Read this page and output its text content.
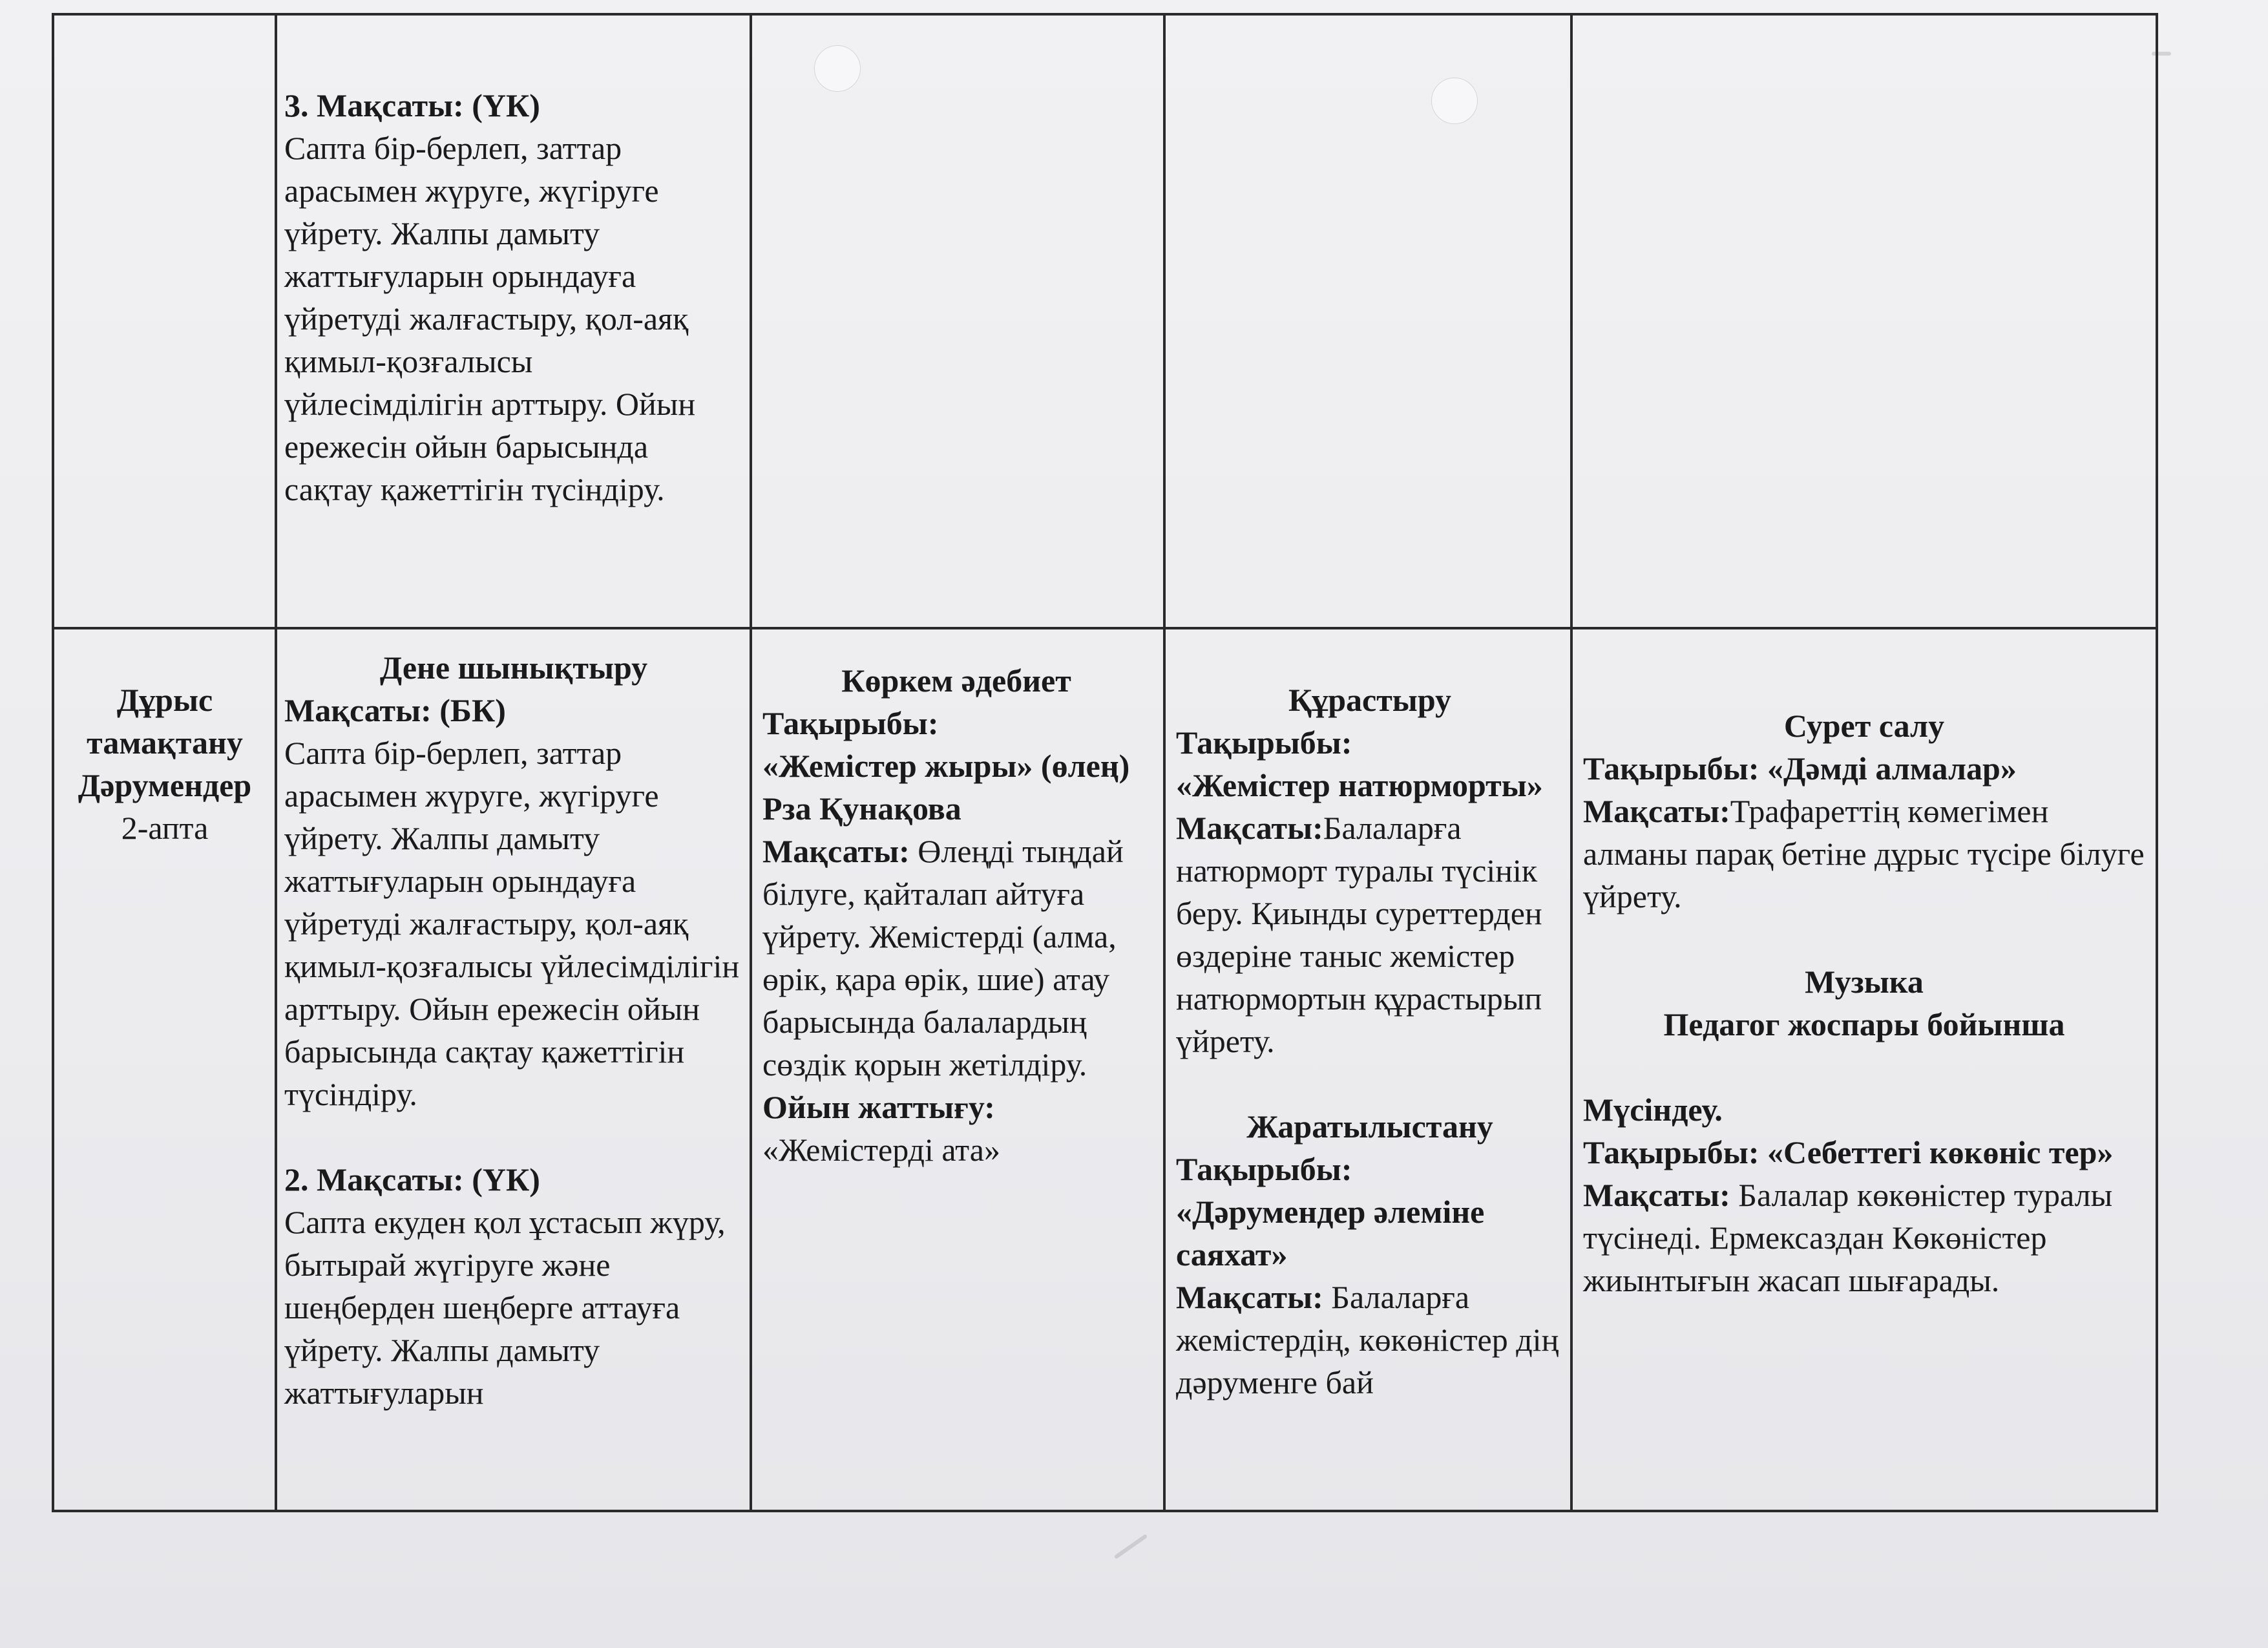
3. Мақсаты: (ҮК)

Сапта бір-берлеп, заттар арасымен жүруге, жүгіруге үйрету. Жалпы дамыту жаттығуларын орындауға үйретуді жалғастыру, қол-аяқ қимыл-қозғалысы үйлесімділігін арттыру. Ойын ережесін ойын барысында сақтау қажеттігін түсіндіру.

Дұрыс

тамақтану

Дәрумендер

2-апта

Дене шынықтыру

Мақсаты: (БК)

Сапта бір-берлеп, заттар арасымен жүруге, жүгіруге үйрету. Жалпы дамыту жаттығуларын орындауға үйретуді жалғастыру, қол-аяқ қимыл-қозғалысы үйлесімділігін арттыру. Ойын ережесін ойын барысында сақтау қажеттігін түсіндіру.

2. Мақсаты: (ҮК)

Сапта екуден қол ұстасып жүру, бытырай жүгіруге және шеңберден шеңберге аттауға үйрету. Жалпы дамыту жаттығуларын

Көркем әдебиет

Тақырыбы:

«Жемістер жыры» (өлең) Рза Қунақова

Мақсаты: Өлеңді тыңдай білуге, қайталап айтуға үйрету. Жемістерді (алма, өрік, қара өрік, шие) атау барысында балалардың сөздік қорын жетілдіру.

Ойын жаттығу:

«Жемістерді ата»

Құрастыру

Тақырыбы:

«Жемістер натюрморты»

Мақсаты:Балаларға натюрморт туралы түсінік беру. Қиынды суреттерден өздеріне таныс жемістер натюрмортын құрастырып үйрету.

Жаратылыстану

Тақырыбы:

«Дәрумендер әлеміне саяхат»

Мақсаты: Балаларға жемістердің, көкөністер дің дәруменге бай

Сурет салу

Тақырыбы: «Дәмді алмалар»

Мақсаты:Трафареттің көмегімен алманы парақ бетіне дұрыс түсіре білуге үйрету.

Музыка

Педагог жоспары бойынша

Мүсіндеу.

Тақырыбы: «Себеттегі көкөніс тер»

Мақсаты: Балалар көкөністер туралы түсінеді. Ермексаздан Көкөністер жиынтығын жасап шығарады.
